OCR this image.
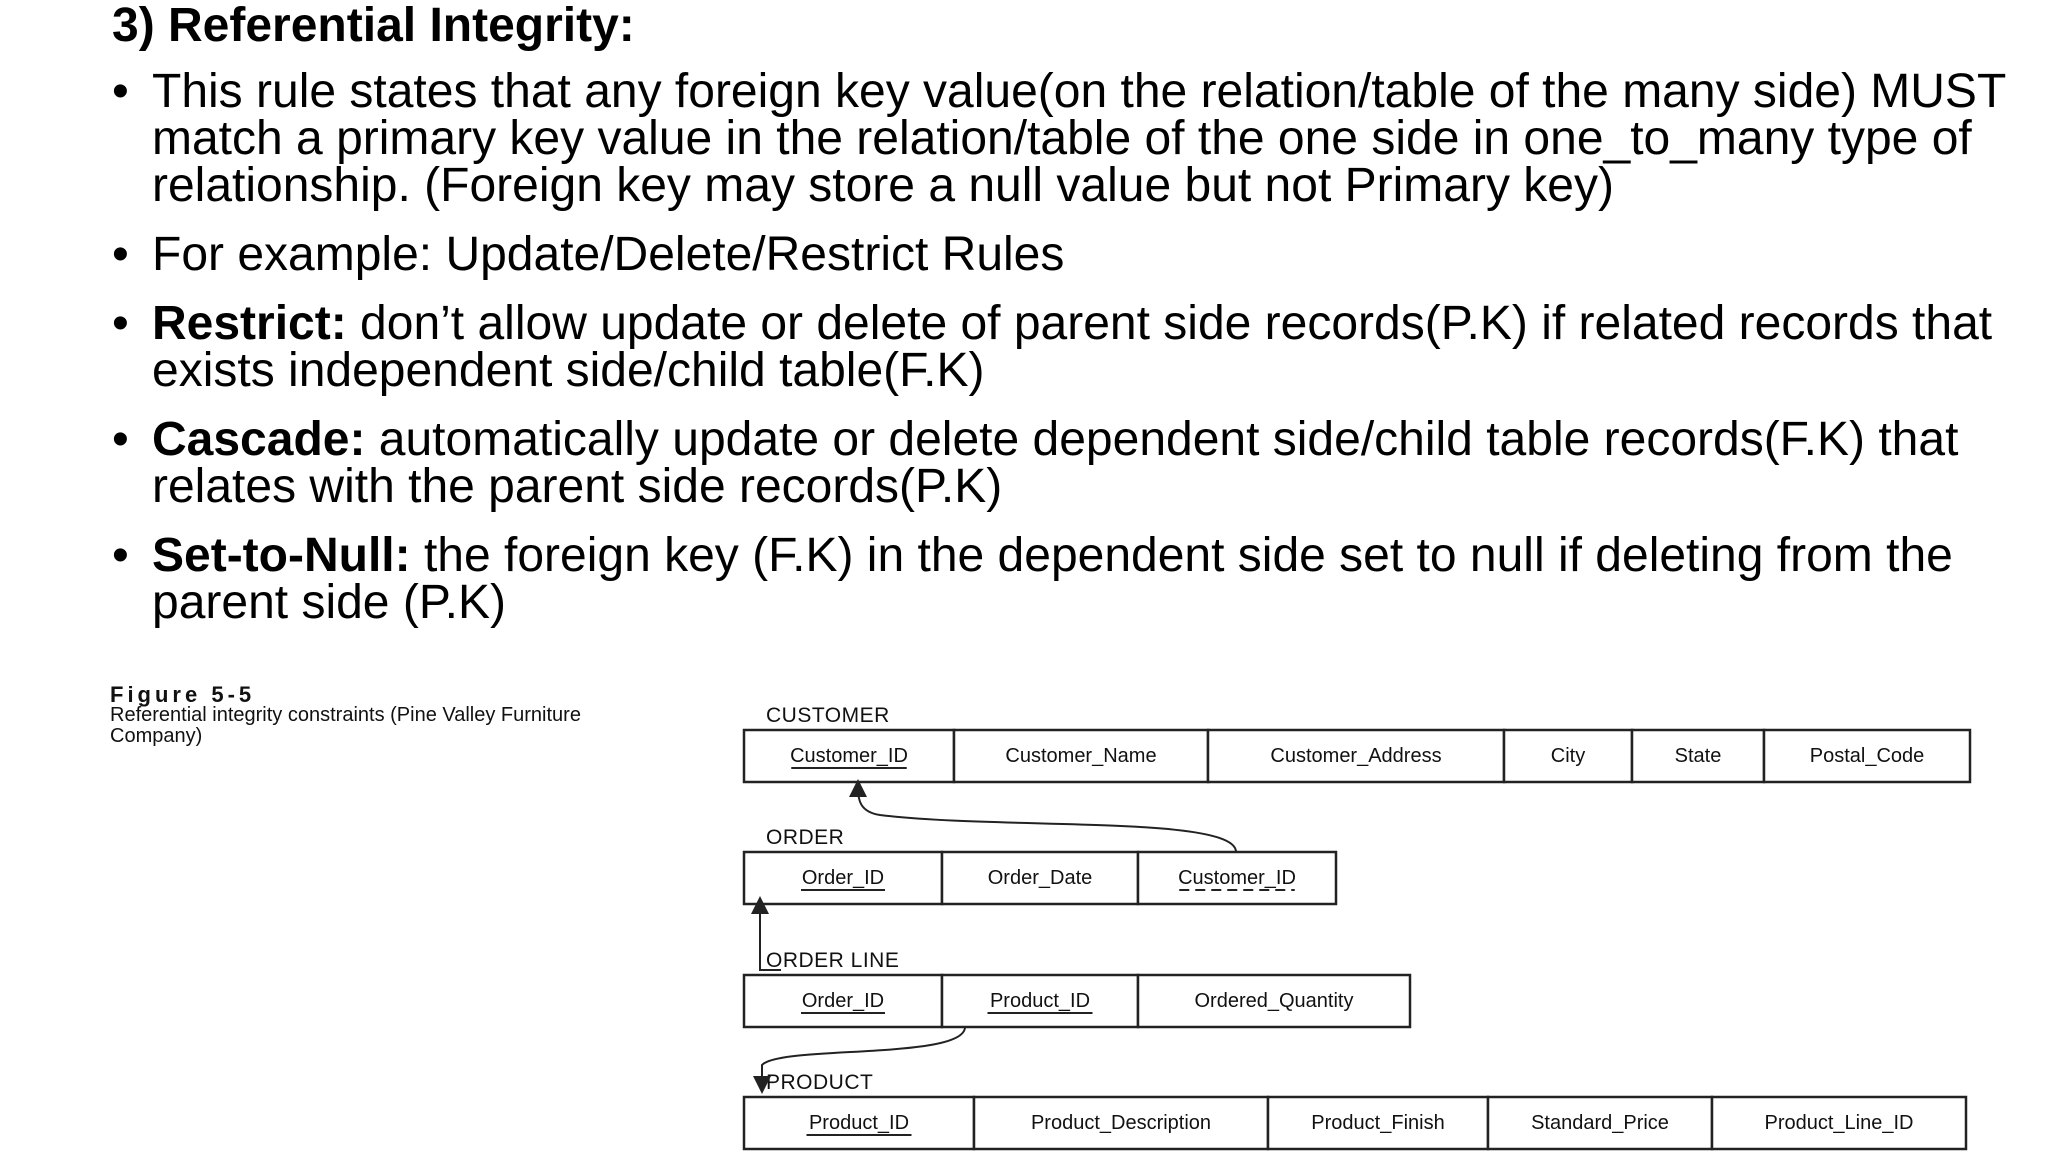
3) Referential Integrity:
• This rule states that any foreign key value(on the relation/table of the many side) MUST match a primary key value in the relation/table of the one side in one_to_many type of relationship. (Foreign key may store a null value but not Primary key)
• For example: Update/Delete/Restrict Rules
• Restrict: don’t allow update or delete of parent side records(P.K) if related records that exists independent side/child table(F.K)
• Cascade: automatically update or delete dependent side/child table records(F.K) that relates with the parent side records(P.K)
• Set-to-Null: the foreign key (F.K) in the dependent side set to null if deleting from the parent side (P.K)
Figure 5-5
Referential integrity constraints (Pine Valley Furniture Company)
CUSTOMER
Customer_ID	Customer_Name	Customer_Address	City	State	Postal_Code
ORDER
Order_ID	Order_Date	Customer_ID
ORDER LINE
Order_ID	Product_ID	Ordered_Quantity
PRODUCT
Product_ID	Product_Description	Product_Finish	Standard_Price	Product_Line_ID
